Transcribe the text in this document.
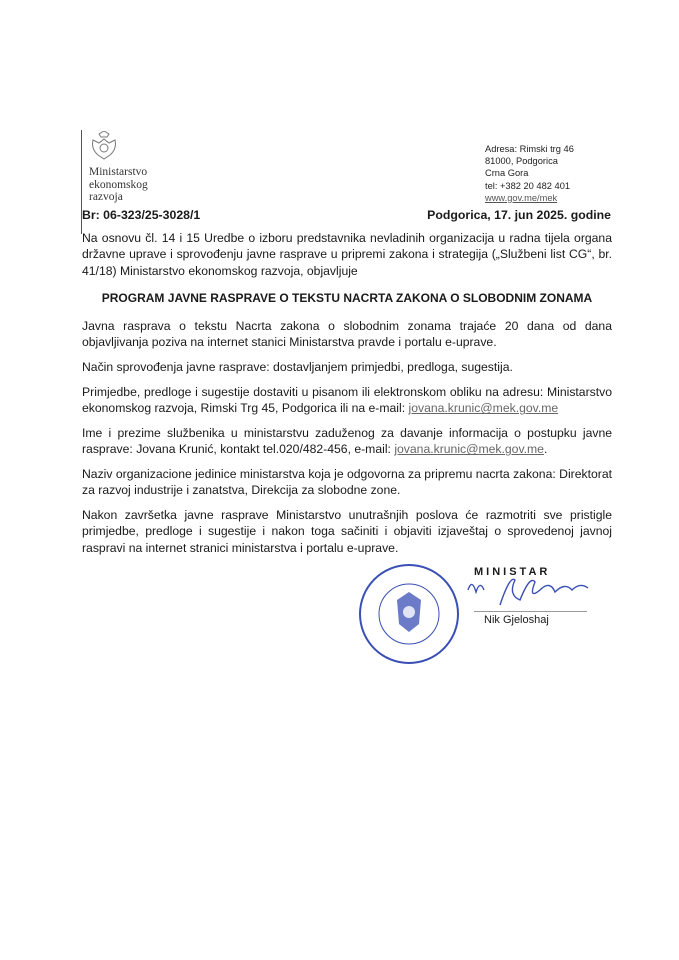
Ministarstvo
ekonomskog
razvoja
Adresa: Rimski trg 46
81000, Podgorica
Crna Gora
tel: +382 20 482 401
www.gov.me/mek
Br: 06-323/25-3028/1	Podgorica, 17. jun 2025. godine
Na osnovu čl. 14 i 15 Uredbe o izboru predstavnika nevladinih organizacija u radna tijela organa državne uprave i sprovođenju javne rasprave u pripremi zakona i strategija („Službeni list CG“, br. 41/18) Ministarstvo ekonomskog razvoja, objavljuje
PROGRAM JAVNE RASPRAVE O TEKSTU NACRTA ZAKONA O SLOBODNIM ZONAMA
Javna rasprava o tekstu Nacrta zakona o slobodnim zonama trajaće 20 dana od dana objavljivanja poziva na internet stanici Ministarstva pravde i portalu e-uprave.
Način sprovođenja javne rasprave: dostavljanjem primjedbi, predloga, sugestija.
Primjedbe, predloge i sugestije dostaviti u pisanom ili elektronskom obliku na adresu: Ministarstvo ekonomskog razvoja, Rimski Trg 45, Podgorica ili na e-mail: jovana.krunic@mek.gov.me
Ime i prezime službenika u ministarstvu zaduženog za davanje informacija o postupku javne rasprave: Jovana Krunić, kontakt tel.020/482-456, e-mail: jovana.krunic@mek.gov.me.
Naziv organizacione jedinice ministarstva koja je odgovorna za pripremu nacrta zakona: Direktorat za razvoj industrije i zanatstva, Direkcija za slobodne zone.
Nakon završetka javne rasprave Ministarstvo unutrašnjih poslova će razmotriti sve pristigle primjedbe, predloge i sugestije i nakon toga sačiniti i objaviti izjaveštaj o sprovedenoj javnoj raspravi na internet stranici ministarstva i portalu e-uprave.
MINISTAR
Nik Gjeloshaj
